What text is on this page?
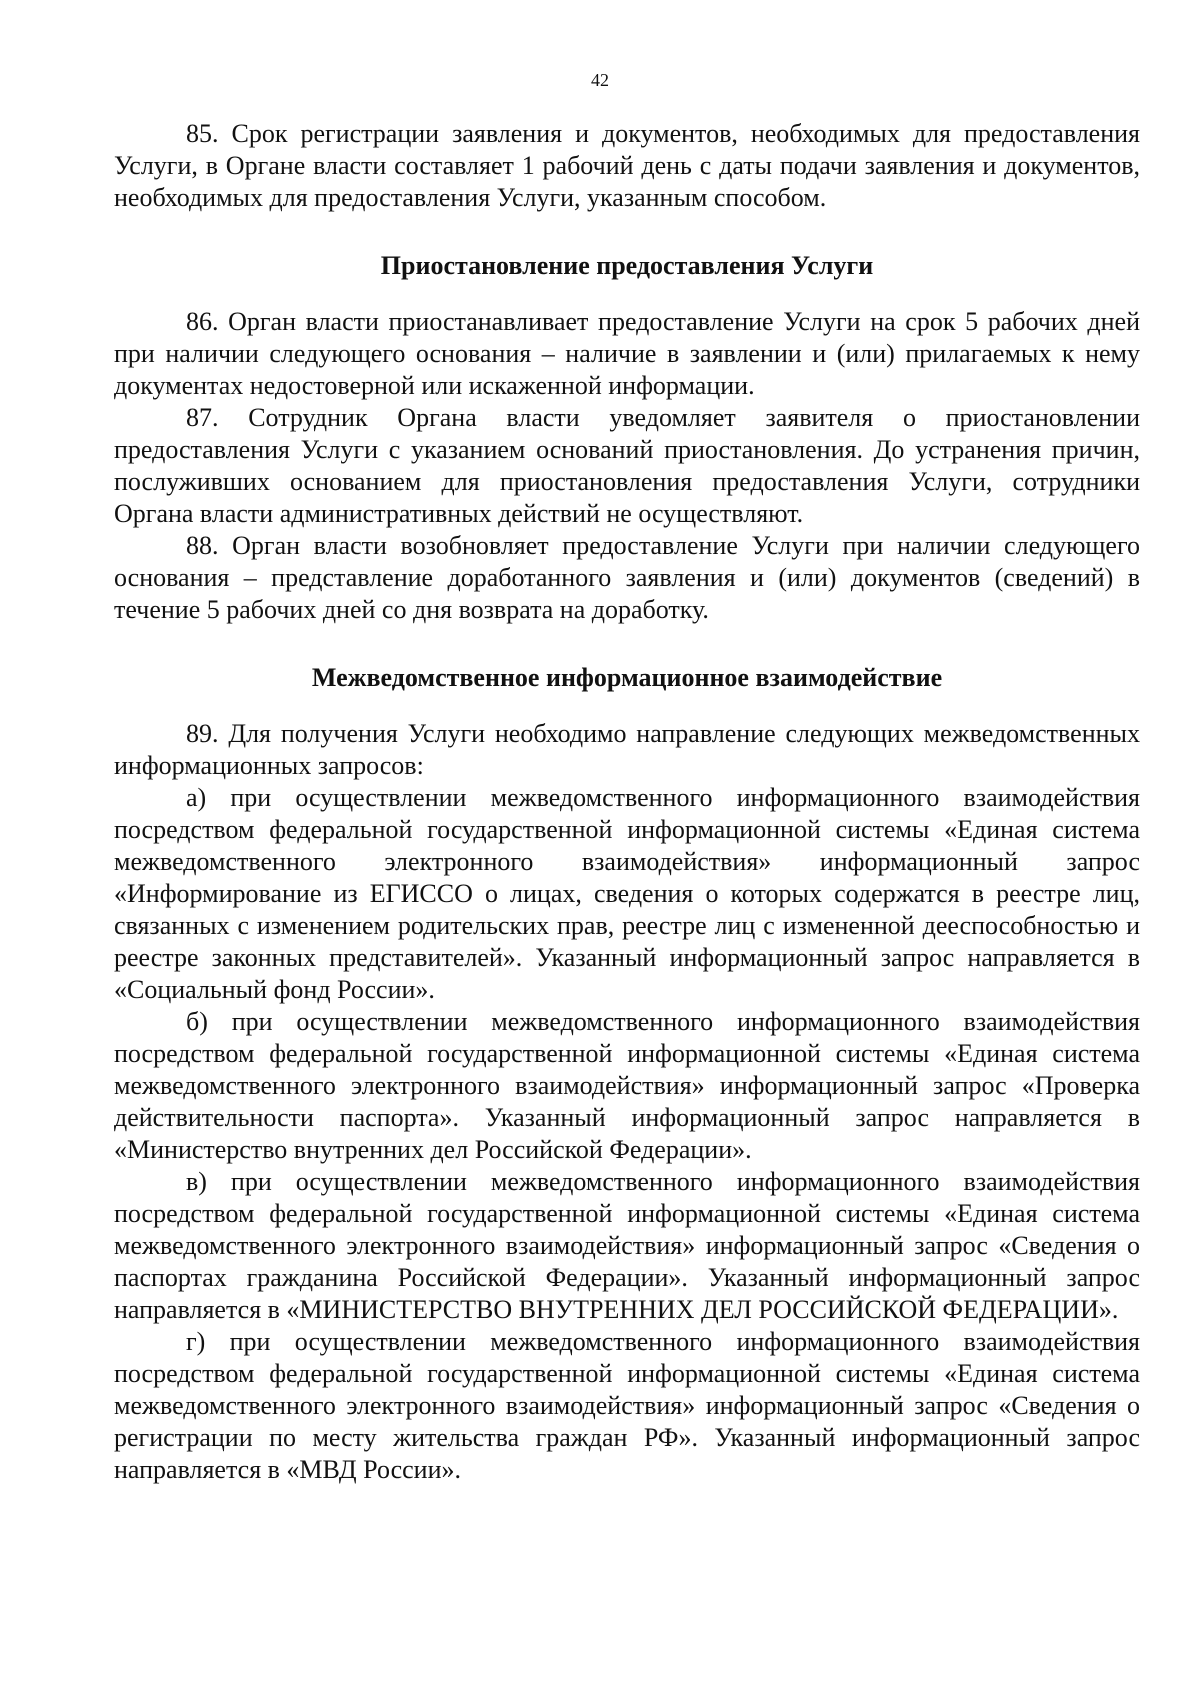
42

85. Срок регистрации заявления и документов, необходимых для предоставления Услуги, в Органе власти составляет 1 рабочий день с даты подачи заявления и документов, необходимых для предоставления Услуги, указанным способом.

Приостановление предоставления Услуги

86. Орган власти приостанавливает предоставление Услуги на срок 5 рабочих дней при наличии следующего основания – наличие в заявлении и (или) прилагаемых к нему документах недостоверной или искаженной информации.

87. Сотрудник Органа власти уведомляет заявителя о приостановлении предоставления Услуги с указанием оснований приостановления. До устранения причин, послуживших основанием для приостановления предоставления Услуги, сотрудники Органа власти административных действий не осуществляют.

88. Орган власти возобновляет предоставление Услуги при наличии следующего основания – представление доработанного заявления и (или) документов (сведений) в течение 5 рабочих дней со дня возврата на доработку.

Межведомственное информационное взаимодействие

89. Для получения Услуги необходимо направление следующих межведомственных информационных запросов:

а) при осуществлении межведомственного информационного взаимодействия посредством федеральной государственной информационной системы «Единая система межведомственного электронного взаимодействия» информационный запрос «Информирование из ЕГИССО о лицах, сведения о которых содержатся в реестре лиц, связанных с изменением родительских прав, реестре лиц с измененной дееспособностью и реестре законных представителей». Указанный информационный запрос направляется в «Социальный фонд России».

б) при осуществлении межведомственного информационного взаимодействия посредством федеральной государственной информационной системы «Единая система межведомственного электронного взаимодействия» информационный запрос «Проверка действительности паспорта». Указанный информационный запрос направляется в «Министерство внутренних дел Российской Федерации».

в) при осуществлении межведомственного информационного взаимодействия посредством федеральной государственной информационной системы «Единая система межведомственного электронного взаимодействия» информационный запрос «Сведения о паспортах гражданина Российской Федерации». Указанный информационный запрос направляется в «МИНИСТЕРСТВО ВНУТРЕННИХ ДЕЛ РОССИЙСКОЙ ФЕДЕРАЦИИ».

г) при осуществлении межведомственного информационного взаимодействия посредством федеральной государственной информационной системы «Единая система межведомственного электронного взаимодействия» информационный запрос «Сведения о регистрации по месту жительства граждан РФ». Указанный информационный запрос направляется в «МВД России».
